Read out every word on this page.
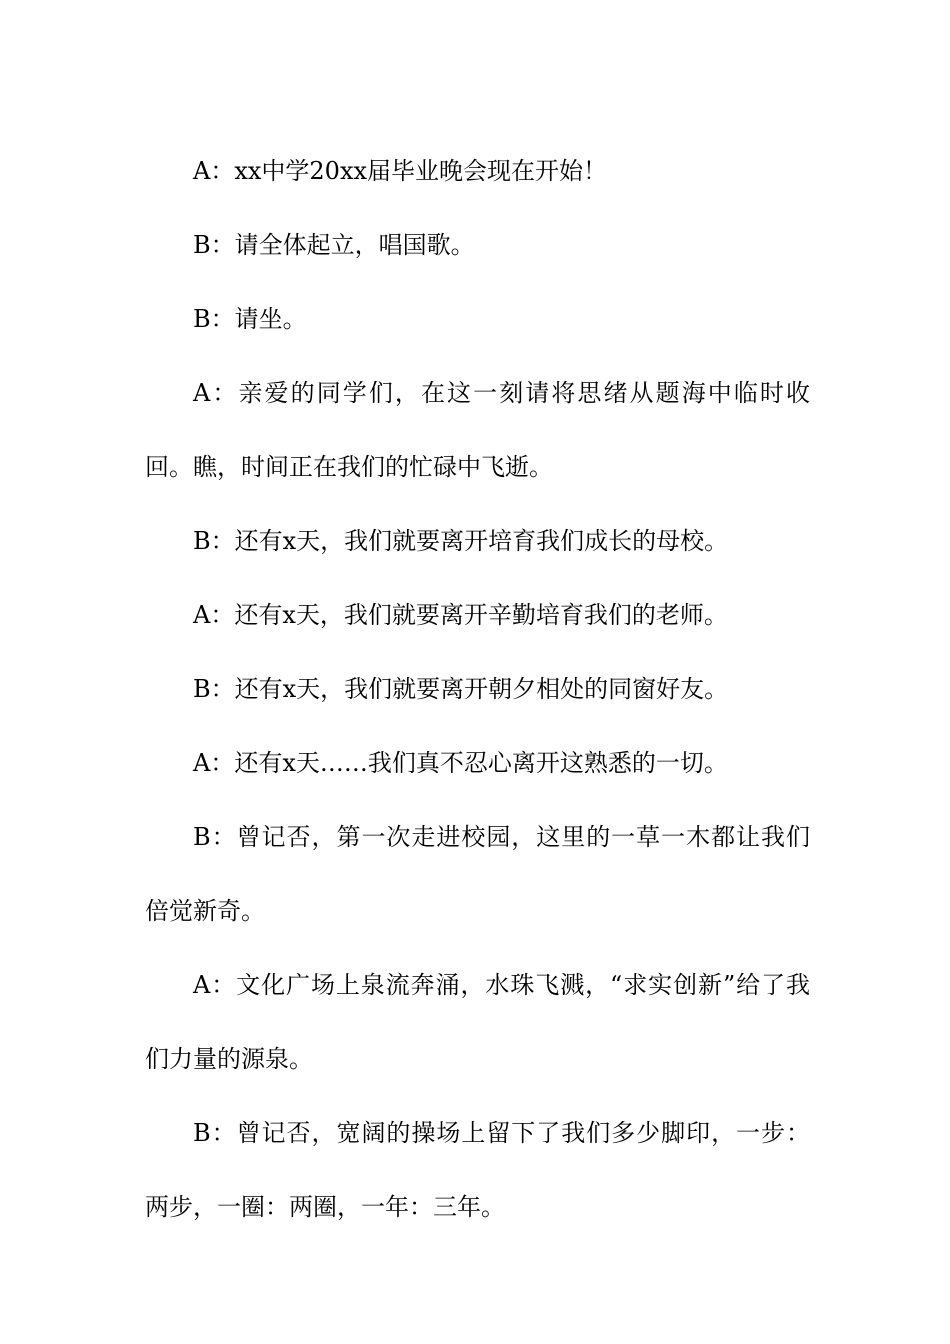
A：xx中学20xx届毕业晚会现在开始！

B：请全体起立，唱国歌。

B：请坐。

A：亲爱的同学们，在这一刻请将思绪从题海中临时收回。瞧，时间正在我们的忙碌中飞逝。

B：还有x天，我们就要离开培育我们成长的母校。

A：还有x天，我们就要离开辛勤培育我们的老师。

B：还有x天，我们就要离开朝夕相处的同窗好友。

A：还有x天……我们真不忍心离开这熟悉的一切。

B：曾记否，第一次走进校园，这里的一草一木都让我们倍觉新奇。

A：文化广场上泉流奔涌，水珠飞溅，“求实创新”给了我们力量的源泉。

B：曾记否，宽阔的操场上留下了我们多少脚印，一步：两步，一圈：两圈，一年：三年。
